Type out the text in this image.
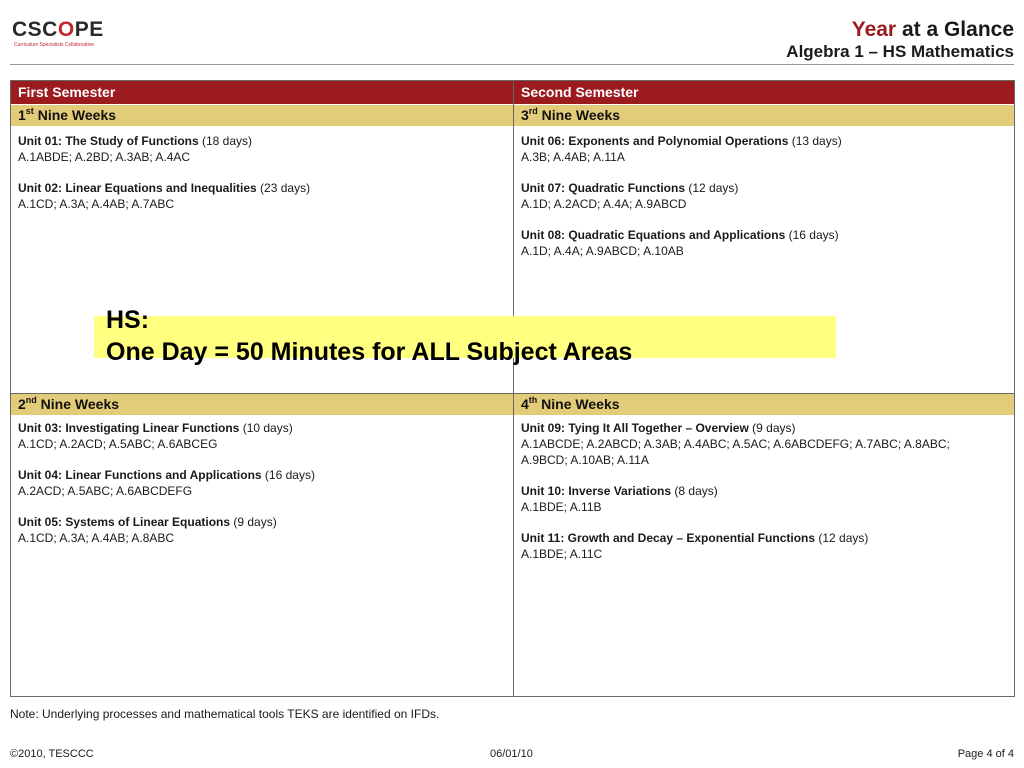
CSCOPE
Curriculum Specialists Collaborative
Year at a Glance
Algebra 1 – HS Mathematics
First Semester	Second Semester
1st Nine Weeks
Unit 01: The Study of Functions (18 days)
A.1ABDE; A.2BD; A.3AB; A.4AC
Unit 02: Linear Equations and Inequalities (23 days)
A.1CD; A.3A; A.4AB; A.7ABC
3rd Nine Weeks
Unit 06: Exponents and Polynomial Operations (13 days)
A.3B; A.4AB; A.11A
Unit 07: Quadratic Functions (12 days)
A.1D; A.2ACD; A.4A; A.9ABCD
Unit 08: Quadratic Equations and Applications (16 days)
A.1D; A.4A; A.9ABCD; A.10AB
2nd Nine Weeks
Unit 03: Investigating Linear Functions (10 days)
A.1CD; A.2ACD; A.5ABC; A.6ABCEG
Unit 04: Linear Functions and Applications (16 days)
A.2ACD; A.5ABC; A.6ABCDEFG
Unit 05: Systems of Linear Equations (9 days)
A.1CD; A.3A; A.4AB; A.8ABC
4th Nine Weeks
Unit 09: Tying It All Together – Overview (9 days)
A.1ABCDE; A.2ABCD; A.3AB; A.4ABC; A.5AC; A.6ABCDEFG; A.7ABC; A.8ABC; A.9BCD; A.10AB; A.11A
Unit 10: Inverse Variations (8 days)
A.1BDE; A.11B
Unit 11: Growth and Decay – Exponential Functions (12 days)
A.1BDE; A.11C
HS:
One Day = 50 Minutes for ALL Subject Areas
Note: Underlying processes and mathematical tools TEKS are identified on IFDs.
©2010, TESCCC	06/01/10	Page 4 of 4
